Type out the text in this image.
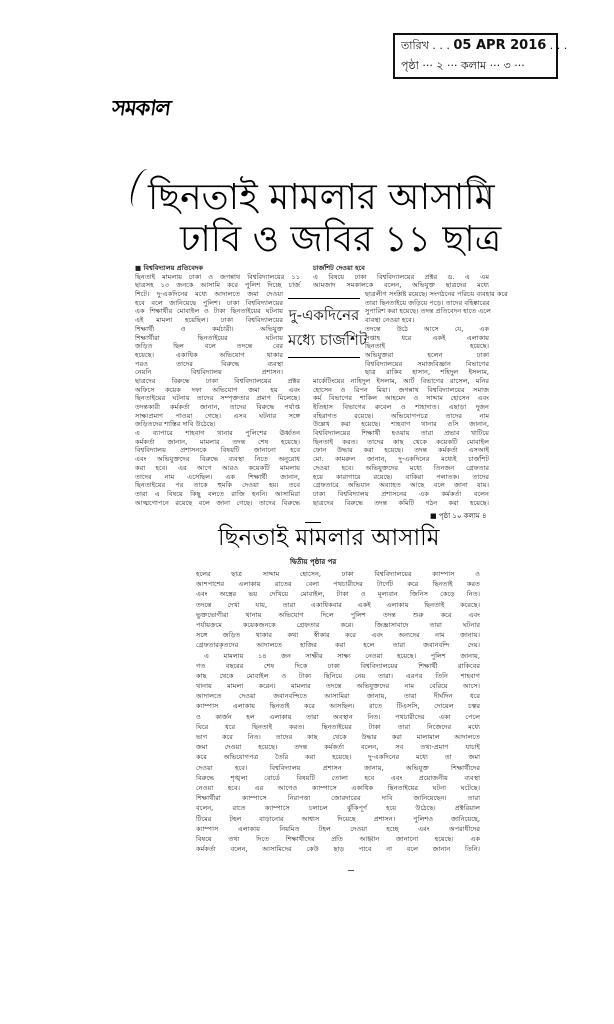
তারিখ . . . 05 APR 2016 . . .
পৃষ্ঠা ··· ২ ··· কলাম ··· ৩ ···
সমকাল
ছিনতাই মামলার আসামি
ঢাবি ও জবির ১১ ছাত্র
■ বিশ্ববিদ্যালয় প্রতিবেদক
ছিনতাই মামলায় ঢাকা ও জগন্নাথ বিশ্ববিদ্যালয়ের ১১
ছাত্রসহ ১৩ জনকে আসামি করে পুলিশ দিচ্ছে চার্জ
শিটে। দু-একদিনের মধ্যে আদালতে জমা দেওয়া
হবে বলে জানিয়েছে পুলিশ। ঢাকা বিশ্ববিদ্যালয়ের
এক শিক্ষার্থীর মোবাইল ও টাকা ছিনতাইয়ের ঘটনায়
এই মামলা হয়েছিল। ঢাকা বিশ্ববিদ্যালয়ের
শিক্ষার্থী ও কর্মচারী। অভিযুক্ত
শিক্ষার্থীরা ছিনতাইয়ের ঘটনায়
জড়িত ছিল বলে তদন্তে বের
হয়েছে। একাধিক অভিযোগ থাকার
পরও তাদের বিরুদ্ধে ব্যবস্থা
নেয়নি বিশ্ববিদ্যালয় প্রশাসন।
ছাত্রদের বিরুদ্ধে ঢাকা বিশ্ববিদ্যালয়ের প্রক্টর
অফিসে কয়েক দফা অভিযোগ জমা হয় এবং
ছিনতাইয়ের ঘটনায় তাদের সম্পৃক্ততার প্রমাণ মিলেছে।
তদন্তকারী কর্মকর্তা জানান, তাদের বিরুদ্ধে পর্যাপ্ত
সাক্ষ্যপ্রমাণ পাওয়া গেছে। এসব ঘটনার সঙ্গে
জড়িতদের শাস্তির দাবি উঠেছে।
এ ব্যাপারে শাহবাগ থানার পুলিশের ঊর্ধ্বতন
কর্মকর্তা জানান, মামলার তদন্ত শেষ হয়েছে।
বিশ্ববিদ্যালয় প্রশাসনকে বিষয়টি জানানো হবে
এবং অভিযুক্তদের বিরুদ্ধে ব্যবস্থা নিতে অনুরোধ
করা হবে। এর আগে আরও কয়েকটি মামলায়
তাদের নাম এসেছিল। এক শিক্ষার্থী জানান,
ছিনতাইয়ের পর তাকে হুমকি দেওয়া হয়। তবে
তারা এ বিষয়ে কিছু বলতে রাজি হননি। আসামিরা
আত্মগোপনে রয়েছে বলে জানা গেছে। তাদের বিরুদ্ধে
চার্জশিট দেওয়া হবে
এ বিষয়ে ঢাকা বিশ্ববিদ্যালয়ের প্রক্টর ড. এ এম
আমজাদ সমকালকে বলেন, অভিযুক্ত ছাত্রদের মধ্যে
ছাত্রলীগ সংশ্লিষ্ট রয়েছে। সংগঠনের পরিচয় ব্যবহার করে
তারা ছিনতাইয়ে জড়িয়ে পড়ে। তাদের বহিষ্কারের
সুপারিশ করা হয়েছে। তদন্ত প্রতিবেদন হাতে এলে
ব্যবস্থা নেওয়া হবে।
তদন্তে উঠে আসে যে, এক
সপ্তাহ ধরে একই এলাকায়
ছিনতাই হয়েছে।
অভিযুক্তরা হলেন ঢাকা
বিশ্ববিদ্যালয়ের সমাজবিজ্ঞান বিভাগের
ছাত্র রাকিব হাসান, শহিদুল ইসলাম,
মার্কেটিংয়ের নাহিদুল ইসলাম, আর্ট বিভাগের রাসেল, মনির
হোসেন ও রিপন মিয়া। জগন্নাথ বিশ্ববিদ্যালয়ের সমাজ
কর্ম বিভাগের শাকিল আহমেদ ও সাদ্দাম হোসেন এবং
ইতিহাস বিভাগের রুবেল ও শাহাদাত। এছাড়া দুজন
বহিরাগত রয়েছে। অভিযোগপত্রে তাদের নাম
উল্লেখ করা হয়েছে। শাহবাগ থানার ওসি জানান,
বিশ্ববিদ্যালয়ের শিক্ষার্থী হওয়ায় তারা প্রভাব খাটিয়ে
ছিনতাই করত। তাদের কাছ থেকে কয়েকটি মোবাইল
ফোন উদ্ধার করা হয়েছে। তদন্ত কর্মকর্তা এসআই
মো. কামরুল জানান, দু-একদিনের মধ্যেই চার্জশিট
দেওয়া হবে। অভিযুক্তদের মধ্যে তিনজন গ্রেফতার
হয়ে কারাগারে রয়েছে। বাকিরা পলাতক। তাদের
গ্রেফতারে অভিযান অব্যাহত আছে বলে জানা যায়।
ঢাকা বিশ্ববিদ্যালয় প্রশাসনের এক কর্মকর্তা বলেন
ছাত্রদের বিরুদ্ধে তদন্ত কমিটি গঠন করা হয়েছে।
দু-একদিনের
মধ্যে চার্জশিট
■ পৃষ্ঠা ১০ কলাম ৪
ছিনতাই মামলার আসামি
দ্বিতীয় পৃষ্ঠার পর
হলের ছাত্র সাদ্দাম হোসেন, ঢাকা বিশ্ববিদ্যালয়ের ক্যাম্পাস ও
আশপাশের এলাকায় রাতের বেলা পথচারীদের টার্গেট করে ছিনতাই করত
এবং অস্ত্রের ভয় দেখিয়ে মোবাইল, টাকা ও মূল্যবান জিনিস কেড়ে নিত।
তদন্তে দেখা যায়, তারা একাধিকবার একই এলাকায় ছিনতাই করেছে।
ভুক্তভোগীরা থানায় অভিযোগ দিলে পুলিশ তদন্ত শুরু করে এবং
পর্যায়ক্রমে কয়েকজনকে গ্রেফতার করে। জিজ্ঞাসাবাদে তারা ঘটনার
সঙ্গে জড়িত থাকার কথা স্বীকার করে এবং অন্যদের নাম জানায়।
গ্রেফতারকৃতদের আদালতে হাজির করা হলে তারা জবানবন্দি দেয়।
এ মামলায় ১৪ জন সাক্ষীর সাক্ষ্য নেওয়া হয়েছে। পুলিশ জানায়,
গত বছরের শেষ দিকে ঢাকা বিশ্ববিদ্যালয়ের শিক্ষার্থী রাকিবের
কাছ থেকে মোবাইল ও টাকা ছিনিয়ে নেয় তারা। এরপর তিনি শাহবাগ
থানায় মামলা করেন। মামলার তদন্তে অভিযুক্তদের নাম বেরিয়ে আসে।
আদালতে দেওয়া জবানবন্দিতে আসামিরা জানায়, তারা দীর্ঘদিন ধরে
ক্যাম্পাস এলাকায় ছিনতাই করে আসছিল। রাতে টিএসসি, দোয়েল চত্বর
ও কার্জন হল এলাকায় তারা অবস্থান নিত। পথচারীদের একা পেলে
ঘিরে ধরে ছিনতাই করত। ছিনতাইয়ের টাকা তারা নিজেদের মধ্যে
ভাগ করে নিত। তাদের কাছ থেকে উদ্ধার করা মালামাল আদালতে
জমা দেওয়া হয়েছে। তদন্ত কর্মকর্তা বলেন, সব তথ্য-প্রমাণ যাচাই
করে অভিযোগপত্র তৈরি করা হয়েছে। দু-একদিনের মধ্যে তা জমা
দেওয়া হবে। বিশ্ববিদ্যালয় প্রশাসন জানায়, অভিযুক্ত শিক্ষার্থীদের
বিরুদ্ধে শৃঙ্খলা বোর্ডে বিষয়টি তোলা হবে এবং প্রয়োজনীয় ব্যবস্থা
নেওয়া হবে। এর আগেও ক্যাম্পাসে একাধিক ছিনতাইয়ের ঘটনা ঘটেছে।
শিক্ষার্থীরা ক্যাম্পাসে নিরাপত্তা জোরদারের দাবি জানিয়েছেন। তারা
বলেন, রাতে ক্যাম্পাসে চলাচল ঝুঁকিপূর্ণ হয়ে উঠেছে। প্রক্টরিয়াল
টিমের টহল বাড়ানোর আশ্বাস দিয়েছে প্রশাসন। পুলিশও জানিয়েছে,
ক্যাম্পাস এলাকায় নিয়মিত টহল দেওয়া হচ্ছে এবং অপরাধীদের
বিষয়ে তথ্য দিতে শিক্ষার্থীদের প্রতি আহ্বান জানানো হয়েছে। এক
কর্মকর্তা বলেন, আসামিদের কেউ ছাড় পাবে না বলে জানান তিনি।
